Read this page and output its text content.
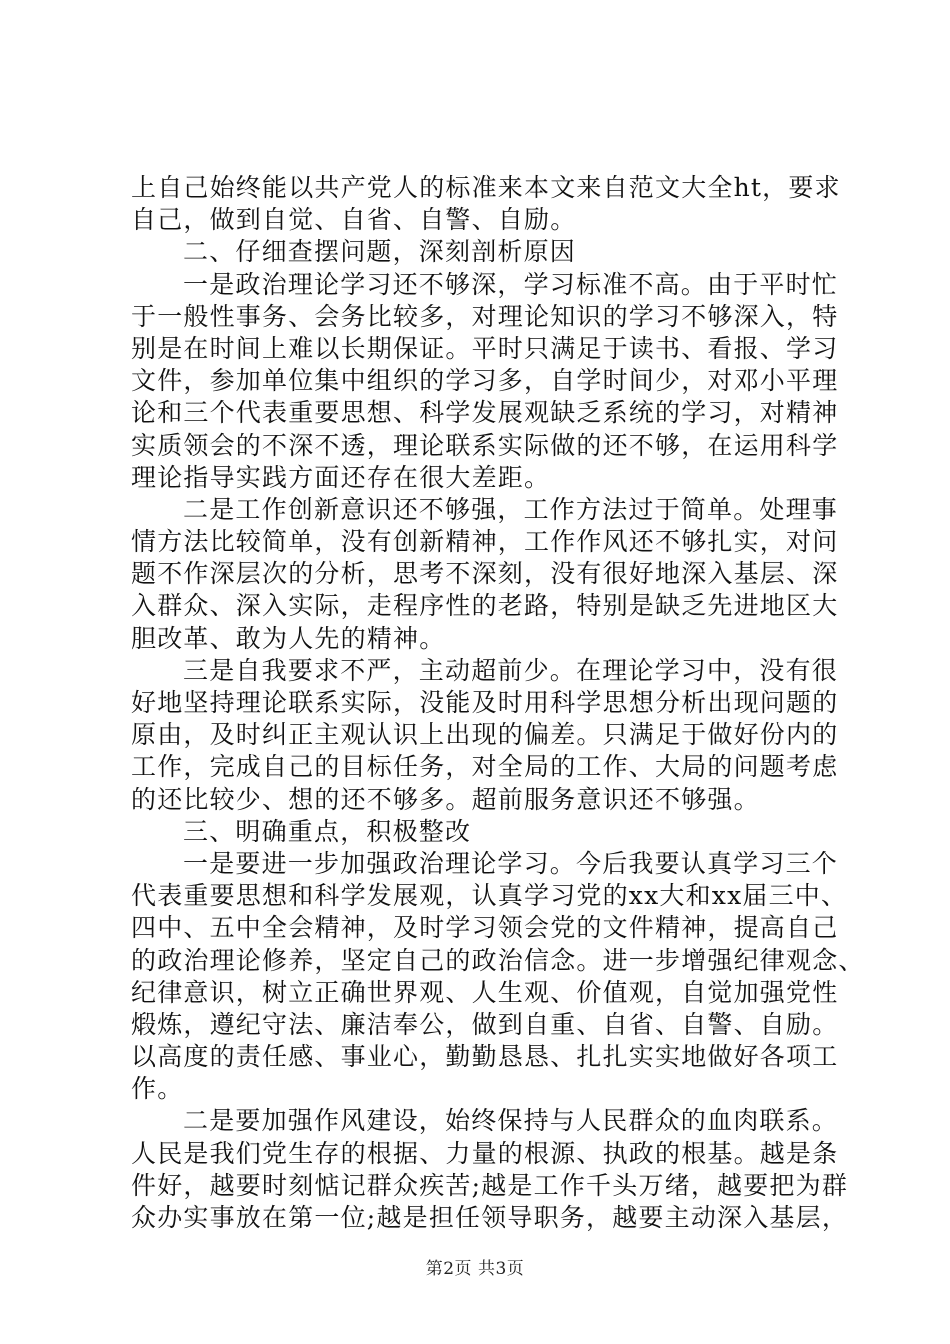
上自己始终能以共产党人的标准来本文来自范文大全ht，要求
自己，做到自觉、自省、自警、自励。
二、仔细查摆问题，深刻剖析原因
一是政治理论学习还不够深，学习标准不高。由于平时忙
于一般性事务、会务比较多，对理论知识的学习不够深入，特
别是在时间上难以长期保证。平时只满足于读书、看报、学习
文件，参加单位集中组织的学习多，自学时间少，对邓小平理
论和三个代表重要思想、科学发展观缺乏系统的学习，对精神
实质领会的不深不透，理论联系实际做的还不够，在运用科学
理论指导实践方面还存在很大差距。
二是工作创新意识还不够强，工作方法过于简单。处理事
情方法比较简单，没有创新精神，工作作风还不够扎实，对问
题不作深层次的分析，思考不深刻，没有很好地深入基层、深
入群众、深入实际，走程序性的老路，特别是缺乏先进地区大
胆改革、敢为人先的精神。
三是自我要求不严，主动超前少。在理论学习中，没有很
好地坚持理论联系实际，没能及时用科学思想分析出现问题的
原由，及时纠正主观认识上出现的偏差。只满足于做好份内的
工作，完成自己的目标任务，对全局的工作、大局的问题考虑
的还比较少、想的还不够多。超前服务意识还不够强。
三、明确重点，积极整改
一是要进一步加强政治理论学习。今后我要认真学习三个
代表重要思想和科学发展观，认真学习党的xx大和xx届三中、
四中、五中全会精神，及时学习领会党的文件精神，提高自己
的政治理论修养，坚定自己的政治信念。进一步增强纪律观念、
纪律意识，树立正确世界观、人生观、价值观，自觉加强党性
煅炼，遵纪守法、廉洁奉公，做到自重、自省、自警、自励。
以高度的责任感、事业心，勤勤恳恳、扎扎实实地做好各项工
作。
二是要加强作风建设，始终保持与人民群众的血肉联系。
人民是我们党生存的根据、力量的根源、执政的根基。越是条
件好，越要时刻惦记群众疾苦;越是工作千头万绪，越要把为群
众办实事放在第一位;越是担任领导职务，越要主动深入基层，
第2页 共3页
